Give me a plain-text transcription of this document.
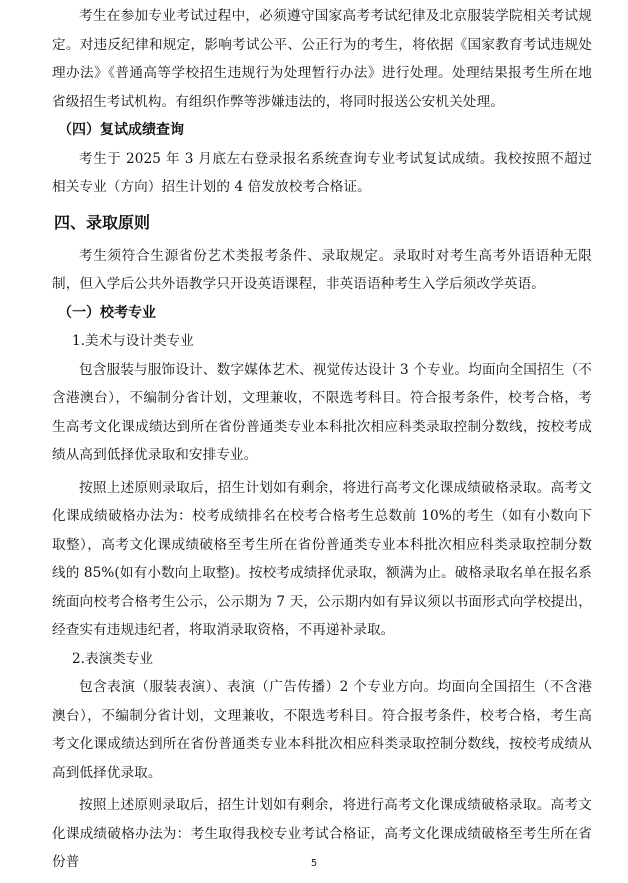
考生在参加专业考试过程中，必须遵守国家高考考试纪律及北京服装学院相关考试规定。对违反纪律和规定，影响考试公平、公正行为的考生，将依据《国家教育考试违规处理办法》《普通高等学校招生违规行为处理暂行办法》进行处理。处理结果报考生所在地省级招生考试机构。有组织作弊等涉嫌违法的，将同时报送公安机关处理。

（四）复试成绩查询

考生于 2025 年 3 月底左右登录报名系统查询专业考试复试成绩。我校按照不超过相关专业（方向）招生计划的 4 倍发放校考合格证。

四、录取原则

考生须符合生源省份艺术类报考条件、录取规定。录取时对考生高考外语语种无限制，但入学后公共外语教学只开设英语课程，非英语语种考生入学后须改学英语。

（一）校考专业
1.美术与设计类专业

包含服装与服饰设计、数字媒体艺术、视觉传达设计 3 个专业。均面向全国招生（不含港澳台），不编制分省计划，文理兼收，不限选考科目。符合报考条件，校考合格，考生高考文化课成绩达到所在省份普通类专业本科批次相应科类录取控制分数线，按校考成绩从高到低择优录取和安排专业。

按照上述原则录取后，招生计划如有剩余，将进行高考文化课成绩破格录取。高考文化课成绩破格办法为：校考成绩排名在校考合格考生总数前 10%的考生（如有小数向下取整），高考文化课成绩破格至考生所在省份普通类专业本科批次相应科类录取控制分数线的 85%(如有小数向上取整)。按校考成绩择优录取，额满为止。破格录取名单在报名系统面向校考合格考生公示，公示期为 7 天，公示期内如有异议须以书面形式向学校提出，经查实有违规违纪者，将取消录取资格，不再递补录取。

2.表演类专业

包含表演（服装表演）、表演（广告传播）2 个专业方向。均面向全国招生（不含港澳台），不编制分省计划，文理兼收，不限选考科目。符合报考条件，校考合格，考生高考文化课成绩达到所在省份普通类专业本科批次相应科类录取控制分数线，按校考成绩从高到低择优录取。

按照上述原则录取后，招生计划如有剩余，将进行高考文化课成绩破格录取。高考文化课成绩破格办法为：考生取得我校专业考试合格证，高考文化课成绩破格至考生所在省份普	5
